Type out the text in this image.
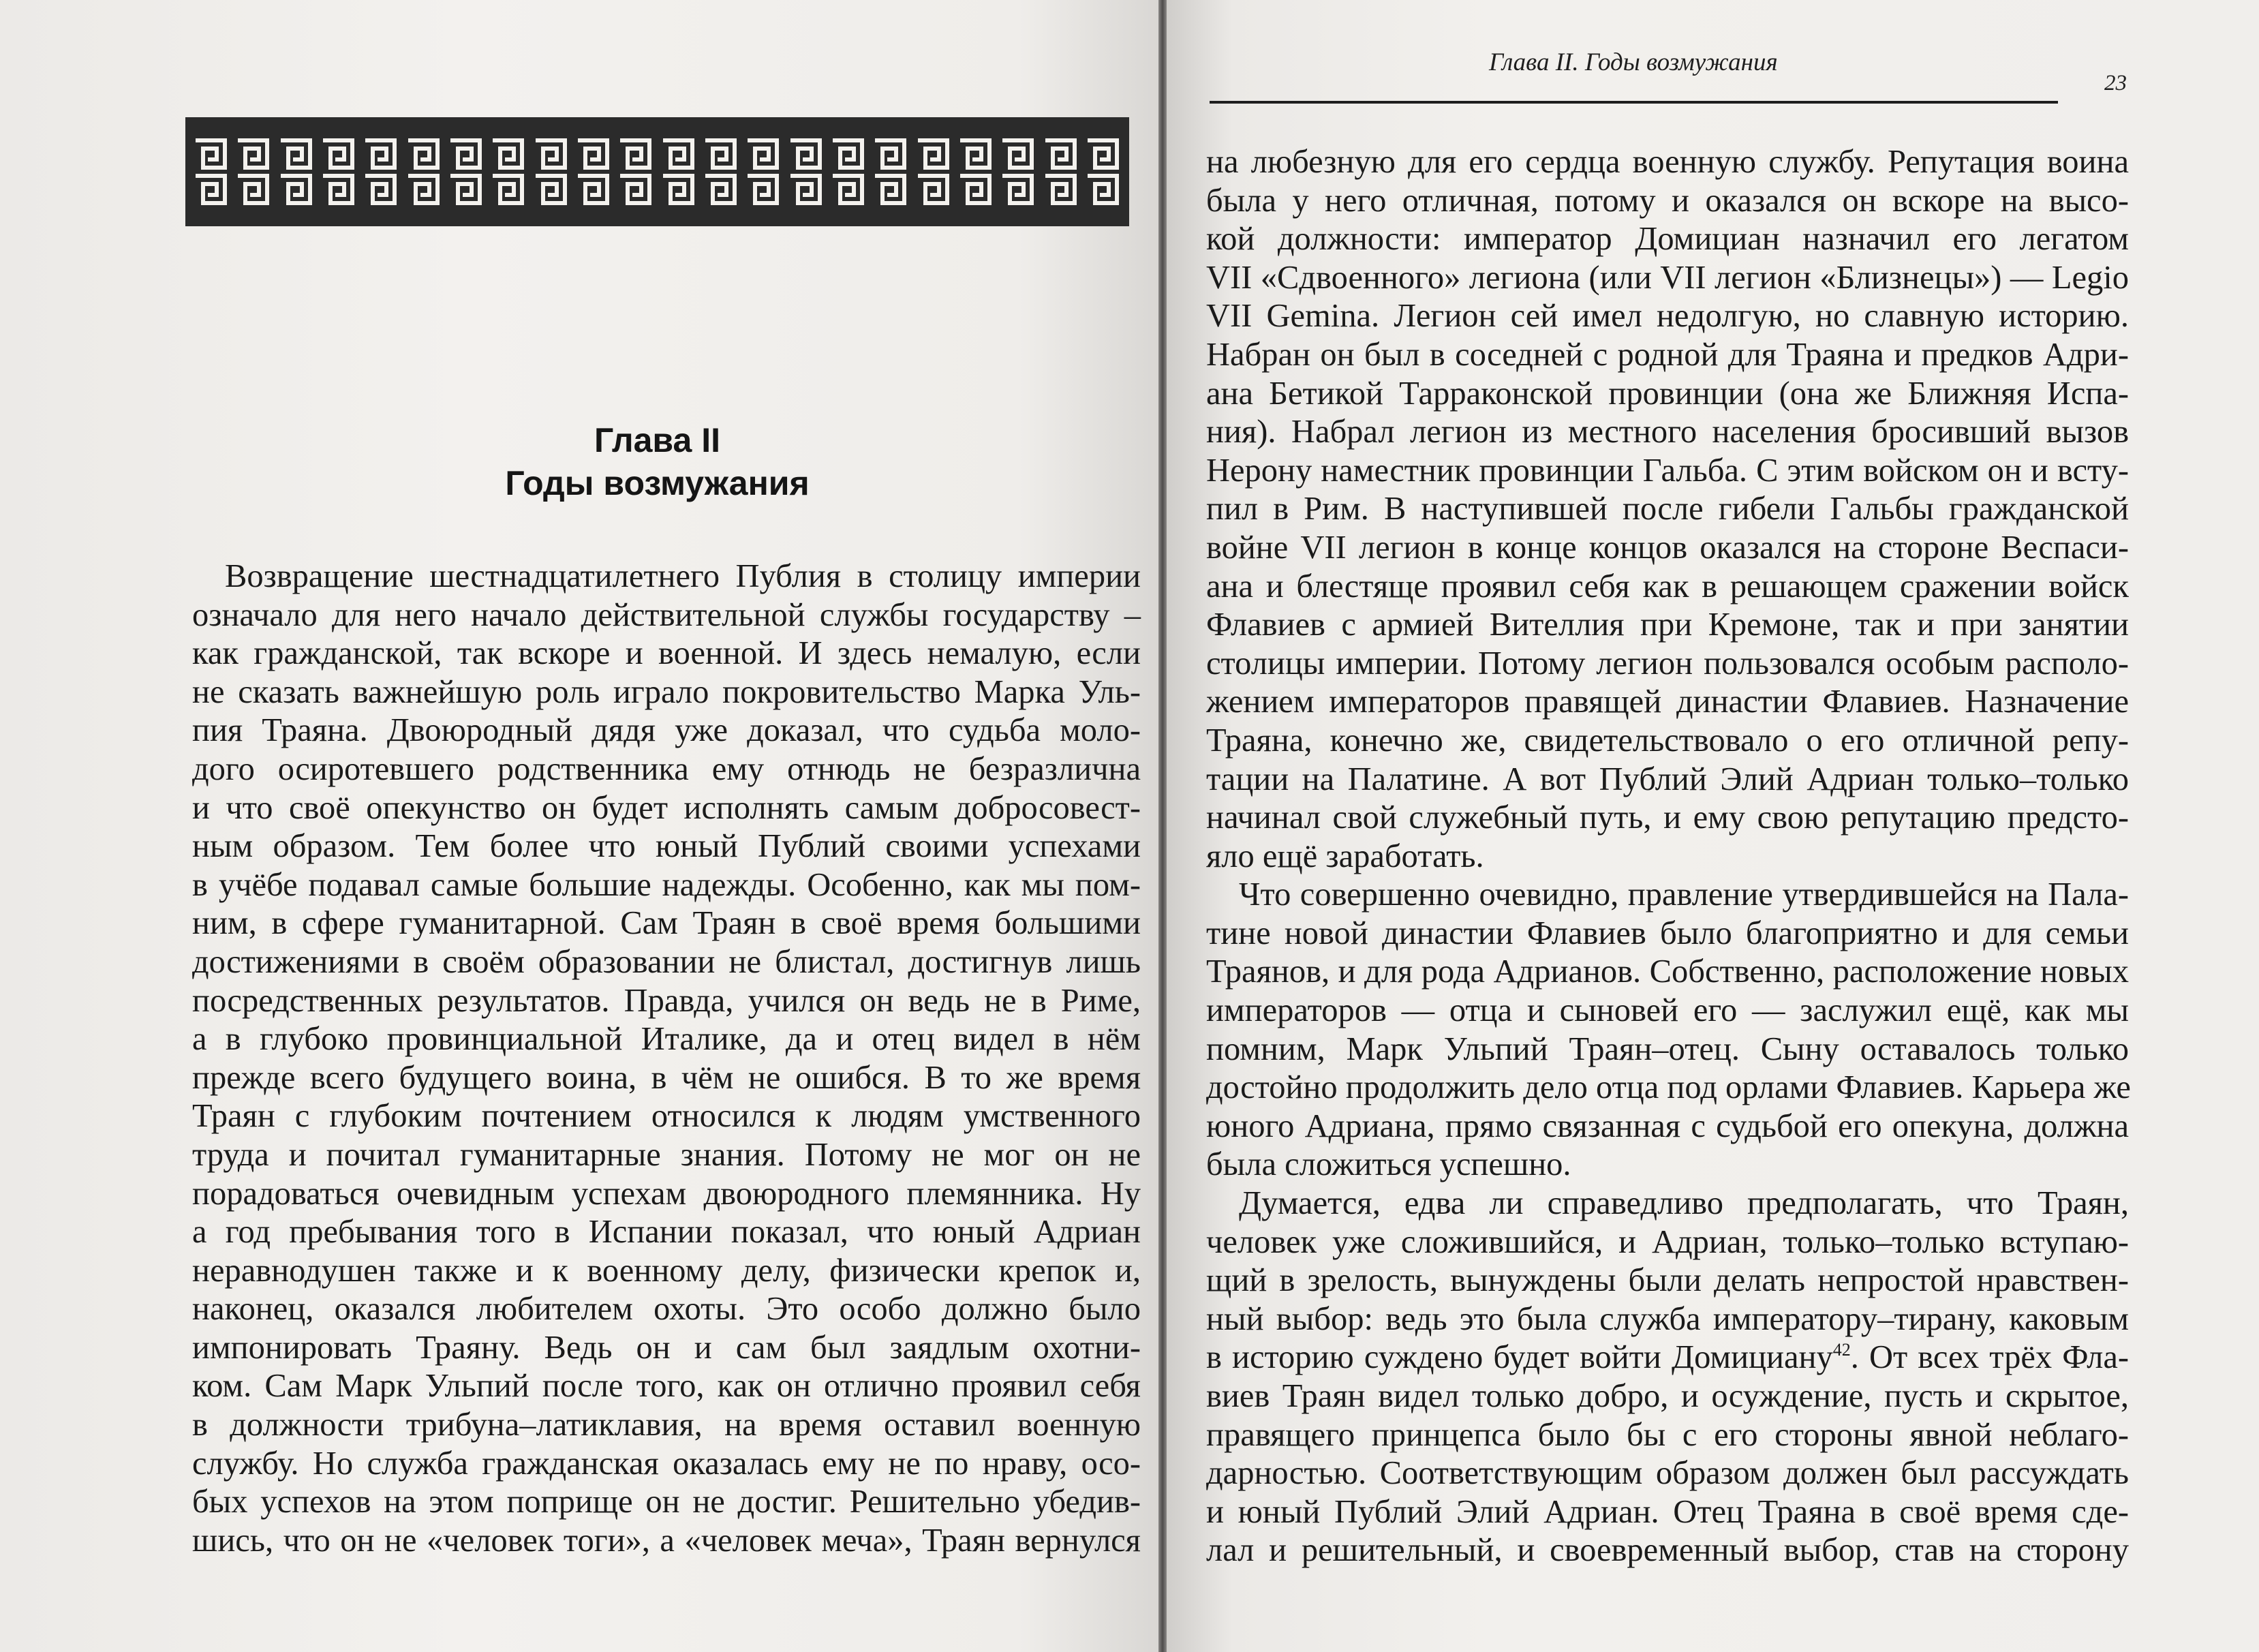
Глава II
Годы возмужания
Возвращение шестнадцатилетнего Публия в столицу империи
означало для него начало действительной службы государству –
как гражданской, так вскоре и военной. И здесь немалую, если
не сказать важнейшую роль играло покровительство Марка Уль-
пия Траяна. Двоюродный дядя уже доказал, что судьба моло-
дого осиротевшего родственника ему отнюдь не безразлична
и что своё опекунство он будет исполнять самым добросовест-
ным образом. Тем более что юный Публий своими успехами
в учёбе подавал самые большие надежды. Особенно, как мы пом-
ним, в сфере гуманитарной. Сам Траян в своё время большими
достижениями в своём образовании не блистал, достигнув лишь
посредственных результатов. Правда, учился он ведь не в Риме,
а в глубоко провинциальной Италике, да и отец видел в нём
прежде всего будущего воина, в чём не ошибся. В то же время
Траян с глубоким почтением относился к людям умственного
труда и почитал гуманитарные знания. Потому не мог он не
порадоваться очевидным успехам двоюродного племянника. Ну
а год пребывания того в Испании показал, что юный Адриан
неравнодушен также и к военному делу, физически крепок и,
наконец, оказался любителем охоты. Это особо должно было
импонировать Траяну. Ведь он и сам был заядлым охотни-
ком. Сам Марк Ульпий после того, как он отлично проявил себя
в должности трибуна–латиклавия, на время оставил военную
службу. Но служба гражданская оказалась ему не по нраву, осо-
бых успехов на этом поприще он не достиг. Решительно убедив-
шись, что он не «человек тоги», а «человек меча», Траян вернулся
Глава II. Годы возмужания
23
на любезную для его сердца военную службу. Репутация воина
была у него отличная, потому и оказался он вскоре на высо-
кой должности: император Домициан назначил его легатом
VII «Сдвоенного» легиона (или VII легион «Близнецы») — Legio
VII Gemina. Легион сей имел недолгую, но славную историю.
Набран он был в соседней с родной для Траяна и предков Адри-
ана Бетикой Тарраконской провинции (она же Ближняя Испа-
ния). Набрал легион из местного населения бросивший вызов
Нерону наместник провинции Гальба. С этим войском он и всту-
пил в Рим. В наступившей после гибели Гальбы гражданской
войне VII легион в конце концов оказался на стороне Веспаси-
ана и блестяще проявил себя как в решающем сражении войск
Флавиев с армией Вителлия при Кремоне, так и при занятии
столицы империи. Потому легион пользовался особым располо-
жением императоров правящей династии Флавиев. Назначение
Траяна, конечно же, свидетельствовало о его отличной репу-
тации на Палатине. А вот Публий Элий Адриан только–только
начинал свой служебный путь, и ему свою репутацию предсто-
яло ещё заработать.
Что совершенно очевидно, правление утвердившейся на Пала-
тине новой династии Флавиев было благоприятно и для семьи
Траянов, и для рода Адрианов. Собственно, расположение новых
императоров — отца и сыновей его — заслужил ещё, как мы
помним, Марк Ульпий Траян–отец. Сыну оставалось только
достойно продолжить дело отца под орлами Флавиев. Карьера же
юного Адриана, прямо связанная с судьбой его опекуна, должна
была сложиться успешно.
Думается, едва ли справедливо предполагать, что Траян,
человек уже сложившийся, и Адриан, только–только вступаю-
щий в зрелость, вынуждены были делать непростой нравствен-
ный выбор: ведь это была служба императору–тирану, каковым
в историю суждено будет войти Домициану$^{42}$. От всех трёх Фла-
виев Траян видел только добро, и осуждение, пусть и скрытое,
правящего принцепса было бы с его стороны явной неблаго-
дарностью. Соответствующим образом должен был рассуждать
и юный Публий Элий Адриан. Отец Траяна в своё время сде-
лал и решительный, и своевременный выбор, став на сторону
